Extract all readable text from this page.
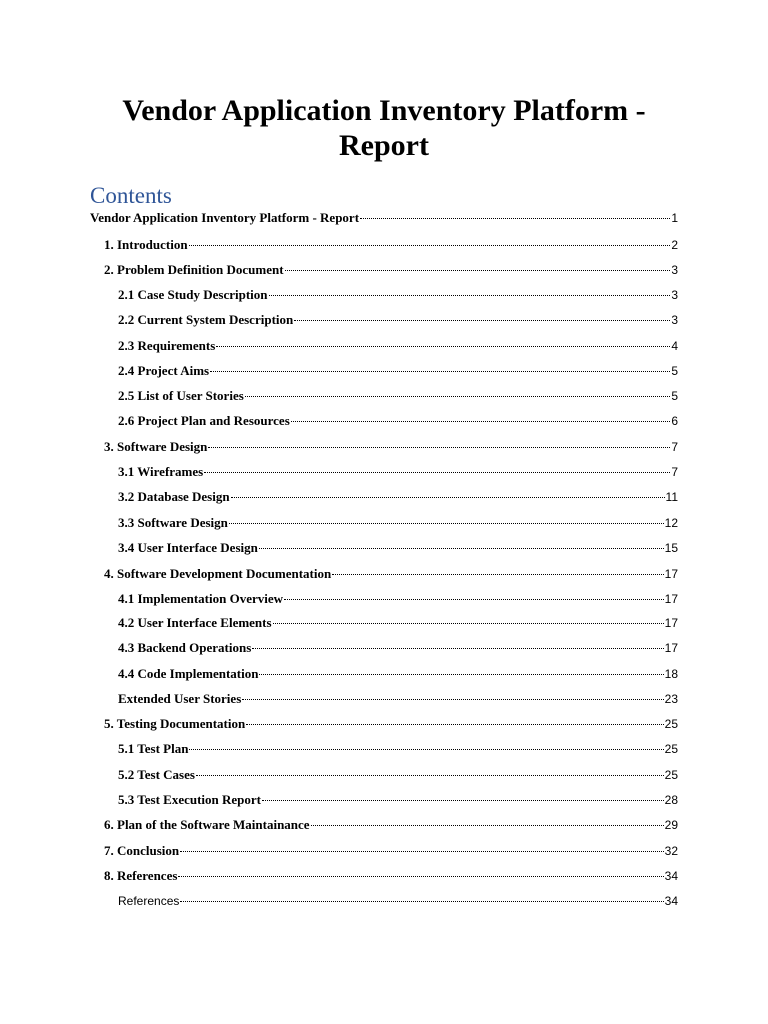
Vendor Application Inventory Platform - Report
Contents
Vendor Application Inventory Platform - Report	1
1. Introduction	2
2. Problem Definition Document	3
2.1 Case Study Description	3
2.2 Current System Description	3
2.3 Requirements	4
2.4 Project Aims	5
2.5 List of User Stories	5
2.6 Project Plan and Resources	6
3. Software Design	7
3.1 Wireframes	7
3.2 Database Design	11
3.3 Software Design	12
3.4 User Interface Design	15
4. Software Development Documentation	17
4.1 Implementation Overview	17
4.2 User Interface Elements	17
4.3 Backend Operations	17
4.4 Code Implementation	18
Extended User Stories	23
5. Testing Documentation	25
5.1 Test Plan	25
5.2 Test Cases	25
5.3 Test Execution Report	28
6. Plan of the Software Maintainance	29
7. Conclusion	32
8. References	34
References	34
